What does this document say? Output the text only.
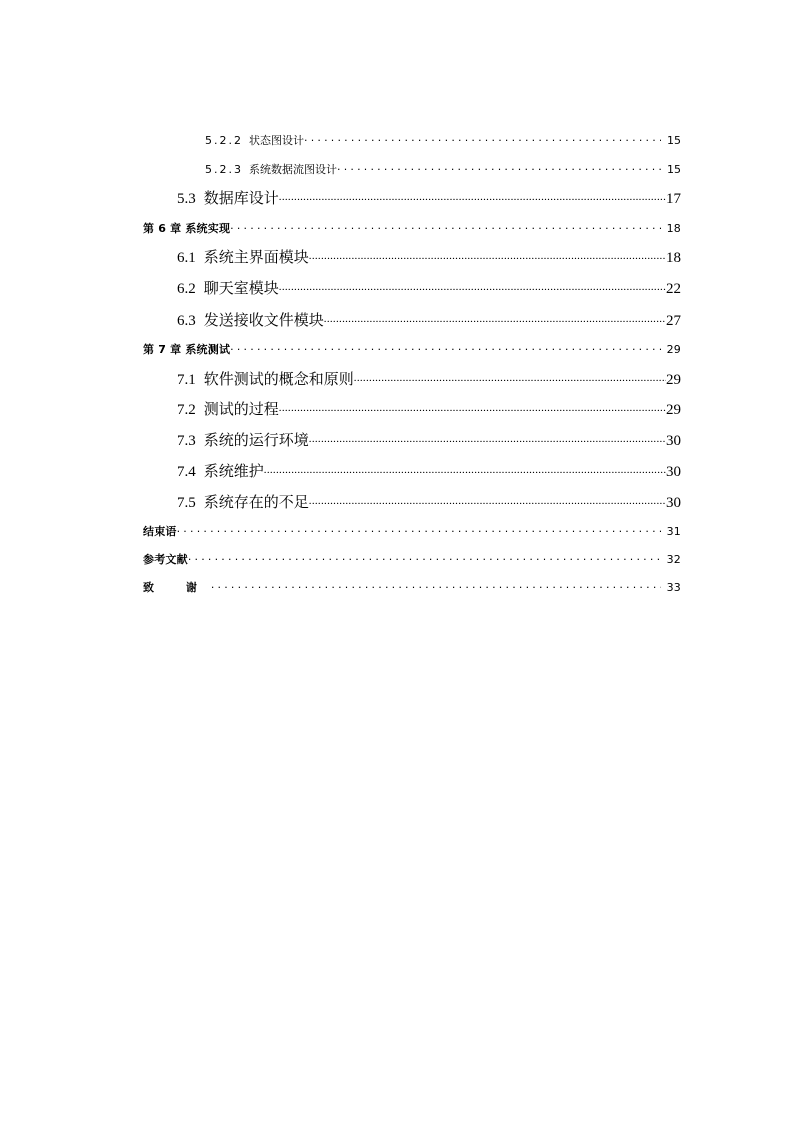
5.2.2 状态图设计 .....	15
5.2.3 系统数据流图设计 .....	15
5.3 数据库设计 .....	17
第 6 章 系统实现 .....	18
6.1 系统主界面模块 .....	18
6.2 聊天室模块 .....	22
6.3 发送接收文件模块 .....	27
第 7 章 系统测试 .....	29
7.1 软件测试的概念和原则 .....	29
7.2 测试的过程 .....	29
7.3 系统的运行环境 .....	30
7.4 系统维护 .....	30
7.5 系统存在的不足 .....	30
结束语 .....	31
参考文献 .....	32
致 谢 .....	33
